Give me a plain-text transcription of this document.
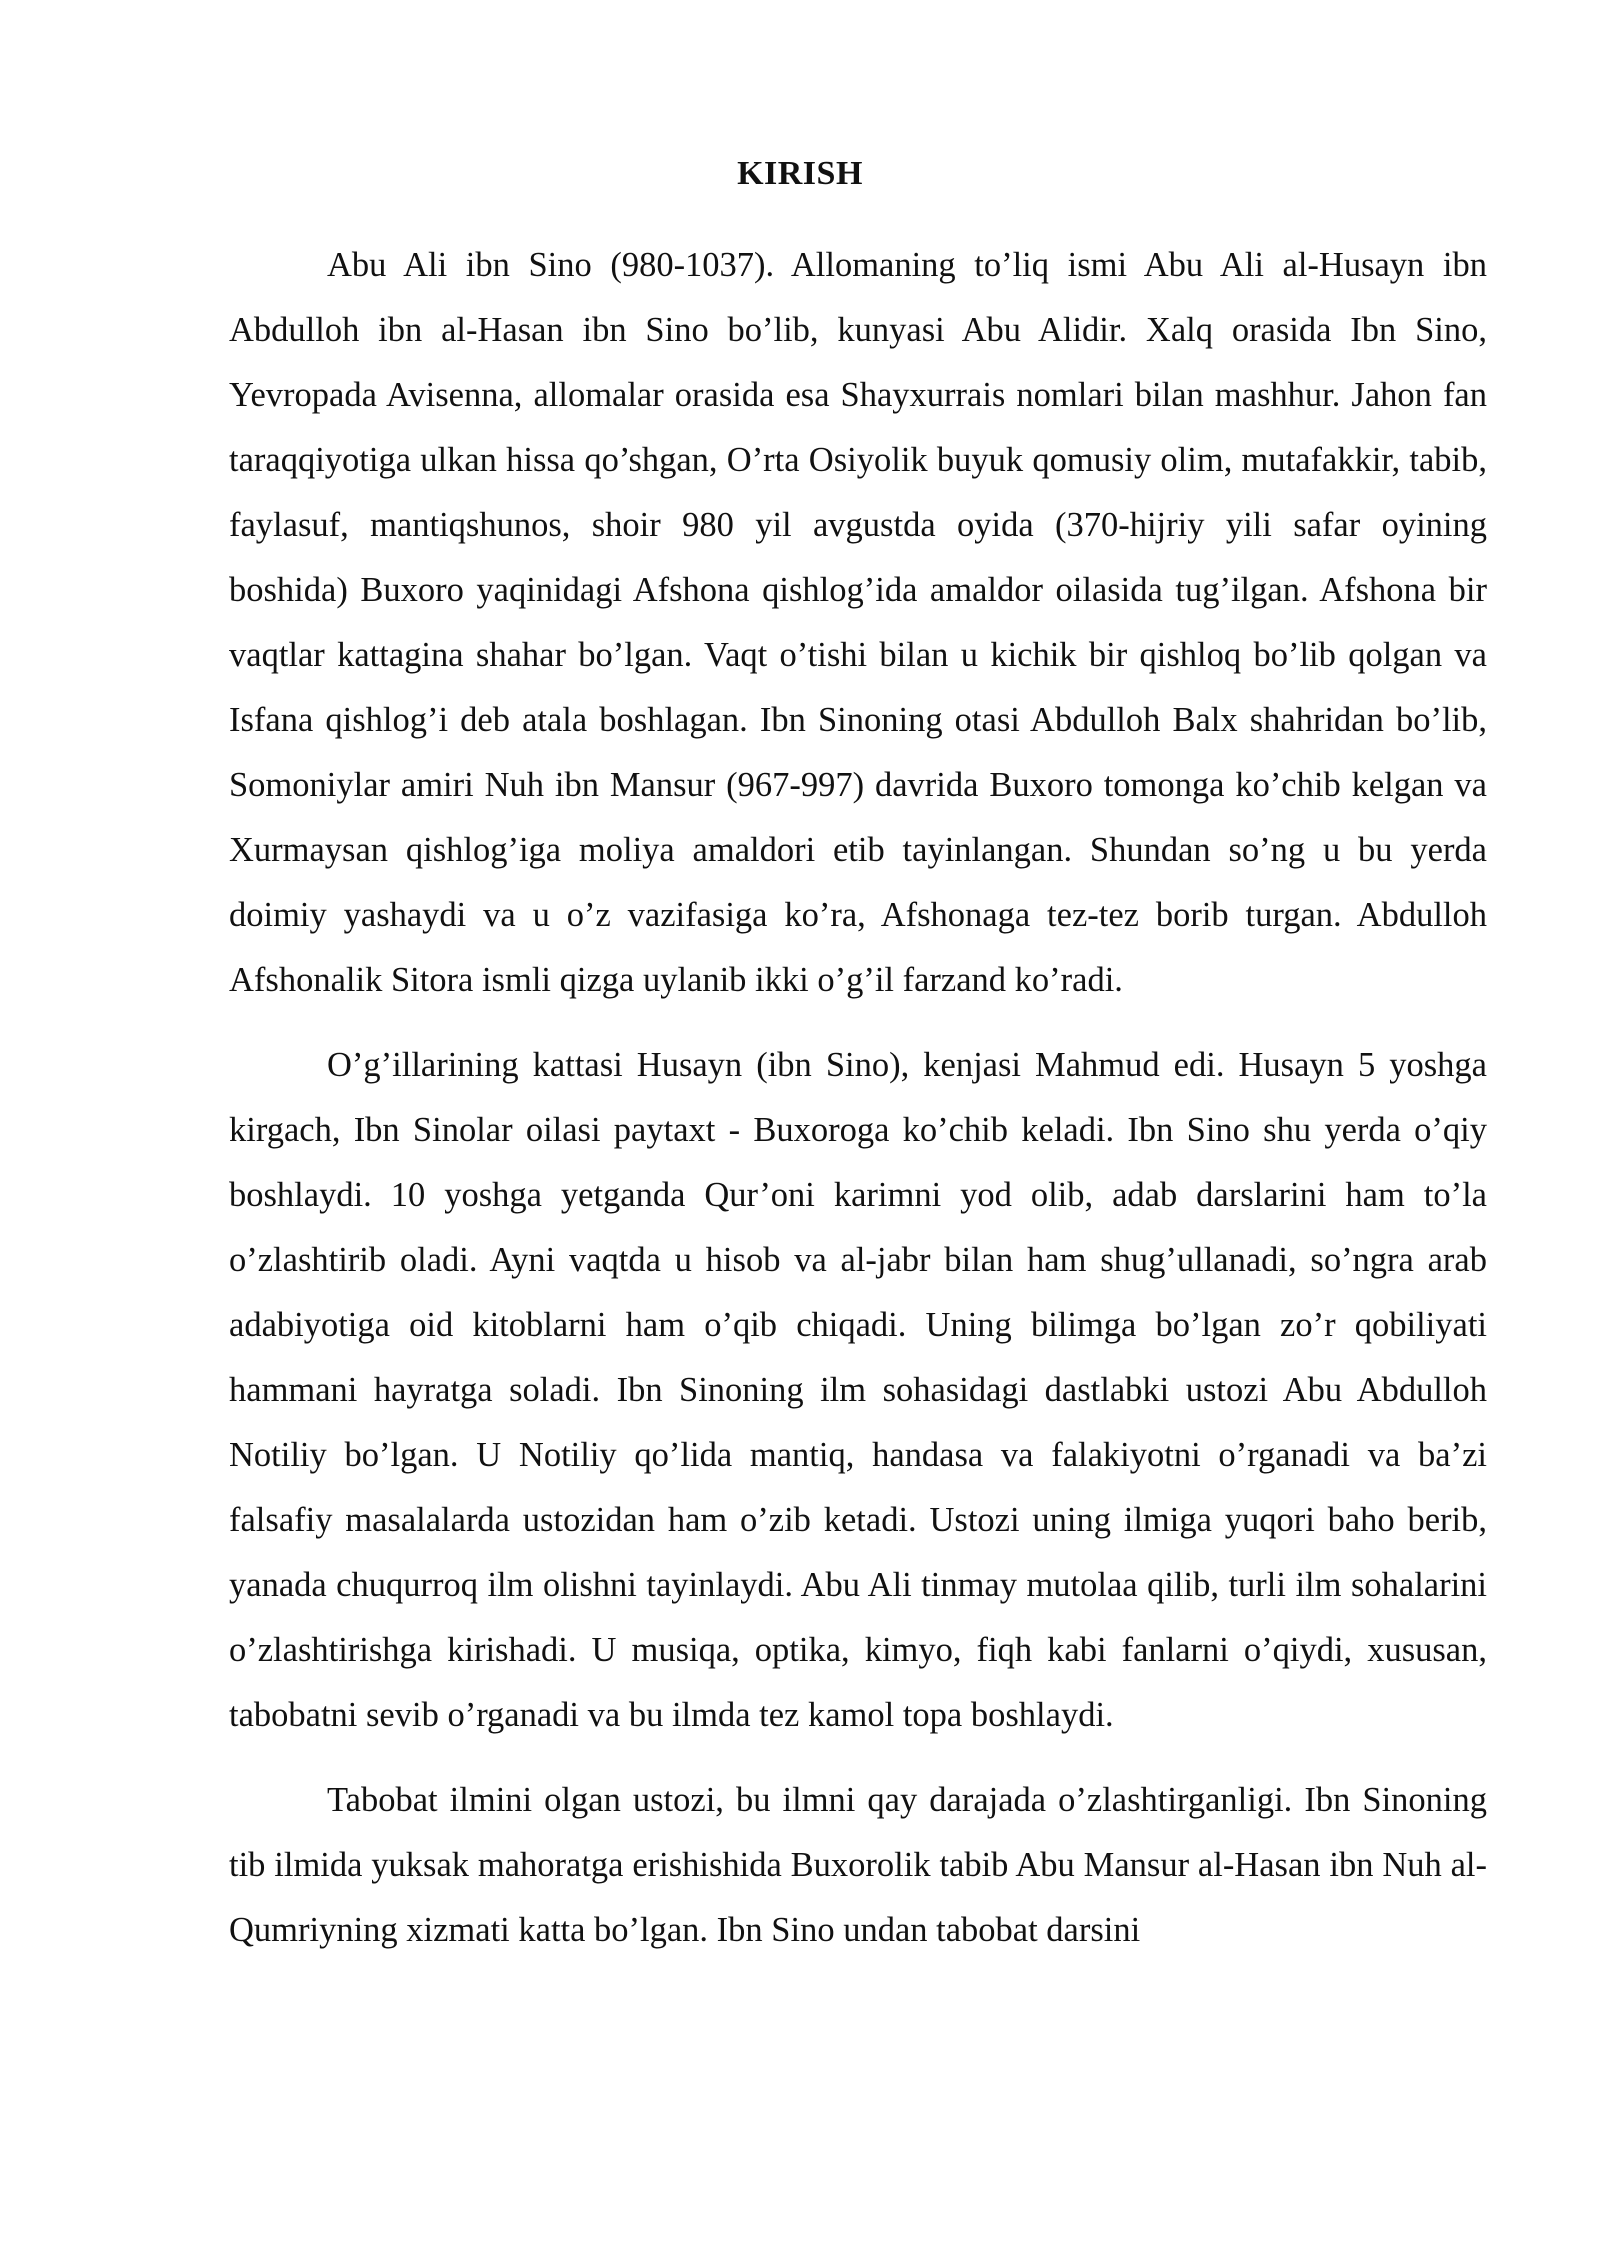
KIRISH

Abu Ali ibn Sino (980-1037). Allomaning to’liq ismi Abu Ali al-Husayn ibn Abdulloh ibn al-Hasan ibn Sino bo’lib, kunyasi Abu Alidir. Xalq orasida Ibn Sino, Yevropada Avisenna, allomalar orasida esa Shayxurrais nomlari bilan mashhur. Jahon fan taraqqiyotiga ulkan hissa qo’shgan, O’rta Osiyolik buyuk qomusiy olim, mutafakkir, tabib, faylasuf, mantiqshunos, shoir 980 yil avgustda oyida (370-hijriy yili safar oyining boshida) Buxoro yaqinidagi Afshona qishlog’ida amaldor oilasida tug’ilgan. Afshona bir vaqtlar kattagina shahar bo’lgan. Vaqt o’tishi bilan u kichik bir qishloq bo’lib qolgan va Isfana qishlog’i deb atala boshlagan. Ibn Sinoning otasi Abdulloh Balx shahridan bo’lib, Somoniylar amiri Nuh ibn Mansur (967-997) davrida Buxoro tomonga ko’chib kelgan va Xurmaysan qishlog’iga moliya amaldori etib tayinlangan. Shundan so’ng u bu yerda doimiy yashaydi va u o’z vazifasiga ko’ra, Afshonaga tez-tez borib turgan. Abdulloh Afshonalik Sitora ismli qizga uylanib ikki o’g’il farzand ko’radi.

O’g’illarining kattasi Husayn (ibn Sino), kenjasi Mahmud edi. Husayn 5 yoshga kirgach, Ibn Sinolar oilasi paytaxt - Buxoroga ko’chib keladi. Ibn Sino shu yerda o’qiy boshlaydi. 10 yoshga yetganda Qur’oni karimni yod olib, adab darslarini ham to’la o’zlashtirib oladi. Ayni vaqtda u hisob va al-jabr bilan ham shug’ullanadi, so’ngra arab adabiyotiga oid kitoblarni ham o’qib chiqadi. Uning bilimga bo’lgan zo’r qobiliyati hammani hayratga soladi. Ibn Sinoning ilm sohasidagi dastlabki ustozi Abu Abdulloh Notiliy bo’lgan. U Notiliy qo’lida mantiq, handasa va falakiyotni o’rganadi va ba’zi falsafiy masalalarda ustozidan ham o’zib ketadi. Ustozi uning ilmiga yuqori baho berib, yanada chuqurroq ilm olishni tayinlaydi. Abu Ali tinmay mutolaa qilib, turli ilm sohalarini o’zlashtirishga kirishadi. U musiqa, optika, kimyo, fiqh kabi fanlarni o’qiydi, xususan, tabobatni sevib o’rganadi va bu ilmda tez kamol topa boshlaydi.

Tabobat ilmini olgan ustozi, bu ilmni qay darajada o’zlashtirganligi. Ibn Sinoning tib ilmida yuksak mahoratga erishishida Buxorolik tabib Abu Mansur al-Hasan ibn Nuh al-Qumriyning xizmati katta bo’lgan. Ibn Sino undan tabobat darsini
